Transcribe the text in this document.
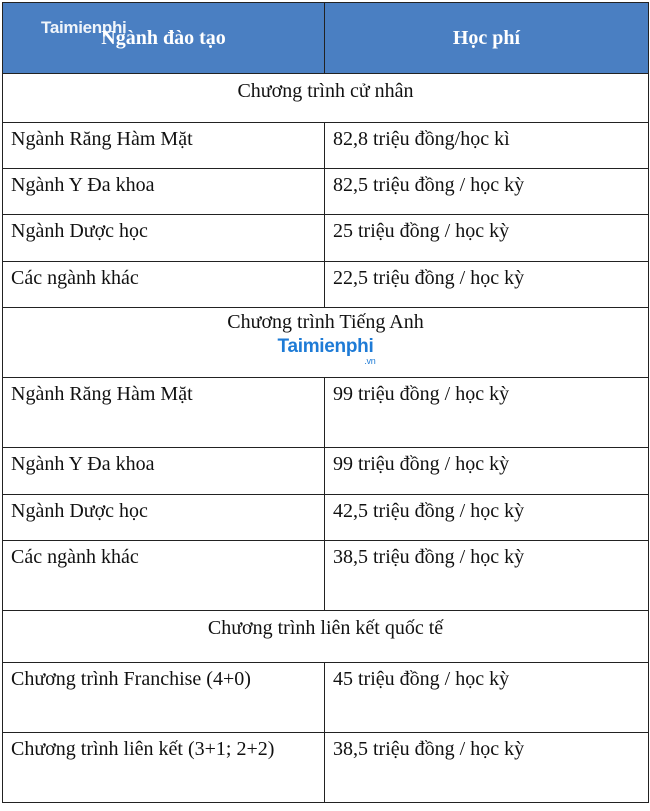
Taimienphi
Ngành đào tạo	Học phí

Chương trình cử nhân	

Ngành Răng Hàm Mặt	82,8 triệu đồng/học kì

Ngành Y Đa khoa	82,5 triệu đồng / học kỳ

Ngành Dược học	25 triệu đồng / học kỳ

Các ngành khác	22,5 triệu đồng / học kỳ

Chương trình Tiếng Anh
Taimienphi
.vn	

Ngành Răng Hàm Mặt	99 triệu đồng / học kỳ

Ngành Y Đa khoa	99 triệu đồng / học kỳ

Ngành Dược học	42,5 triệu đồng / học kỳ

Các ngành khác	38,5 triệu đồng / học kỳ

Chương trình liên kết quốc tế	

Chương trình Franchise (4+0)	45 triệu đồng / học kỳ

Chương trình liên kết (3+1; 2+2)	38,5 triệu đồng / học kỳ
